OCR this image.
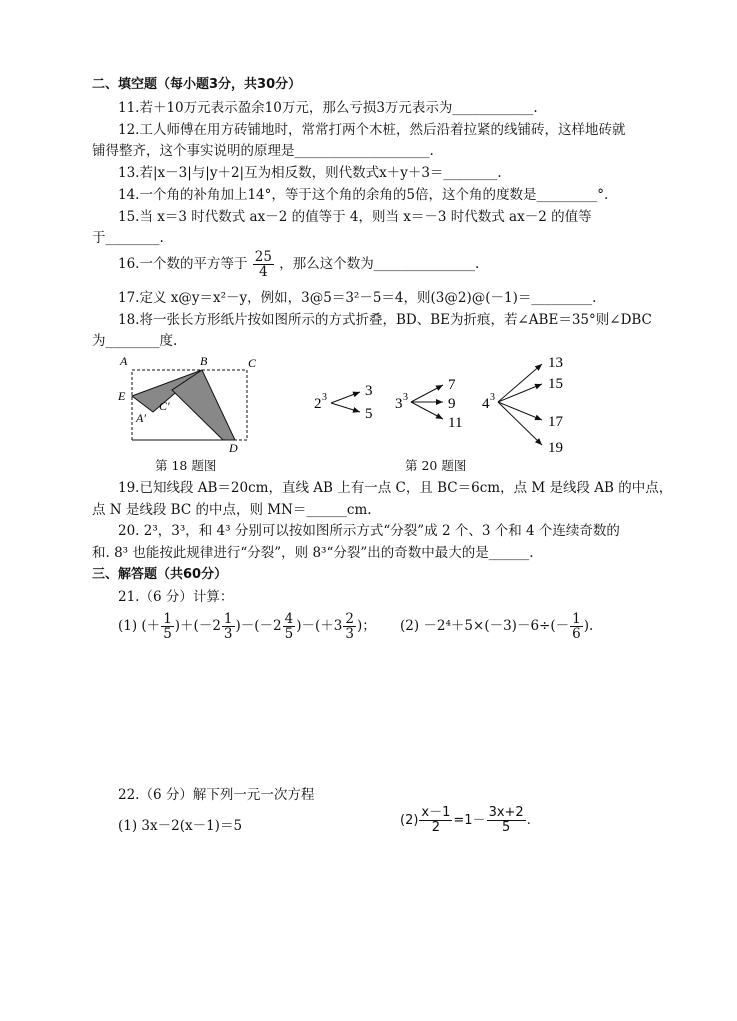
二、填空题（每小题3分，共30分）
11.若＋10万元表示盈余10万元，那么亏损3万元表示为____________.
12.工人师傅在用方砖铺地时，常常打两个木桩，然后沿着拉紧的线铺砖，这样地砖就
铺得整齐，这个事实说明的原理是____________________.
13.若|x－3|与|y＋2|互为相反数，则代数式x＋y＋3＝________.
14.一个角的补角加上14°，等于这个角的余角的5倍，这个角的度数是_________°.
15.当 x＝3 时代数式 ax－2 的值等于 4，则当 x＝－3 时代数式 ax－2 的值等
于________.
16.一个数的平方等于 $\frac{25}{4}$ ，那么这个数为_______________.
17.定义 x@y＝x²－y，例如，3@5＝3²－5＝4，则(3@2)@(－1)＝_________.
18.将一张长方形纸片按如图所示的方式折叠，BD、BE为折痕，若∠ABE＝35°则∠DBC
为________度.
A	B	C
E
A′
C′
D
第 18 题图
2 3	3
5
3 3
7
9
11
4 3
13
15
17
19
第 20 题图
19.已知线段 AB＝20cm，直线 AB 上有一点 C，且 BC＝6cm，点 M 是线段 AB 的中点，
点 N 是线段 BC 的中点，则 MN＝______cm.
20. 2³，3³，和 4³ 分别可以按如图所示方式“分裂”成 2 个、3 个和 4 个连续奇数的
和. 8³ 也能按此规律进行“分裂”，则 8³“分裂”出的奇数中最大的是______.
三、解答题（共60分）
21.（6 分）计算：
(1) (＋ $\frac{1}{5} )+(-2 \frac{1}{3} )-(-2 \frac{4}{5} )-(+3 \frac{2}{3}$ )； $(2) -2^4+5\times(-3)-6\div(- \frac{1}{6}$ ).
22.（6 分）解下列一元一次方程
(1) 3x－2(x－1)＝5	$(2) \frac{x-1}{2} =1- \frac{3x+2}{5}$ .
